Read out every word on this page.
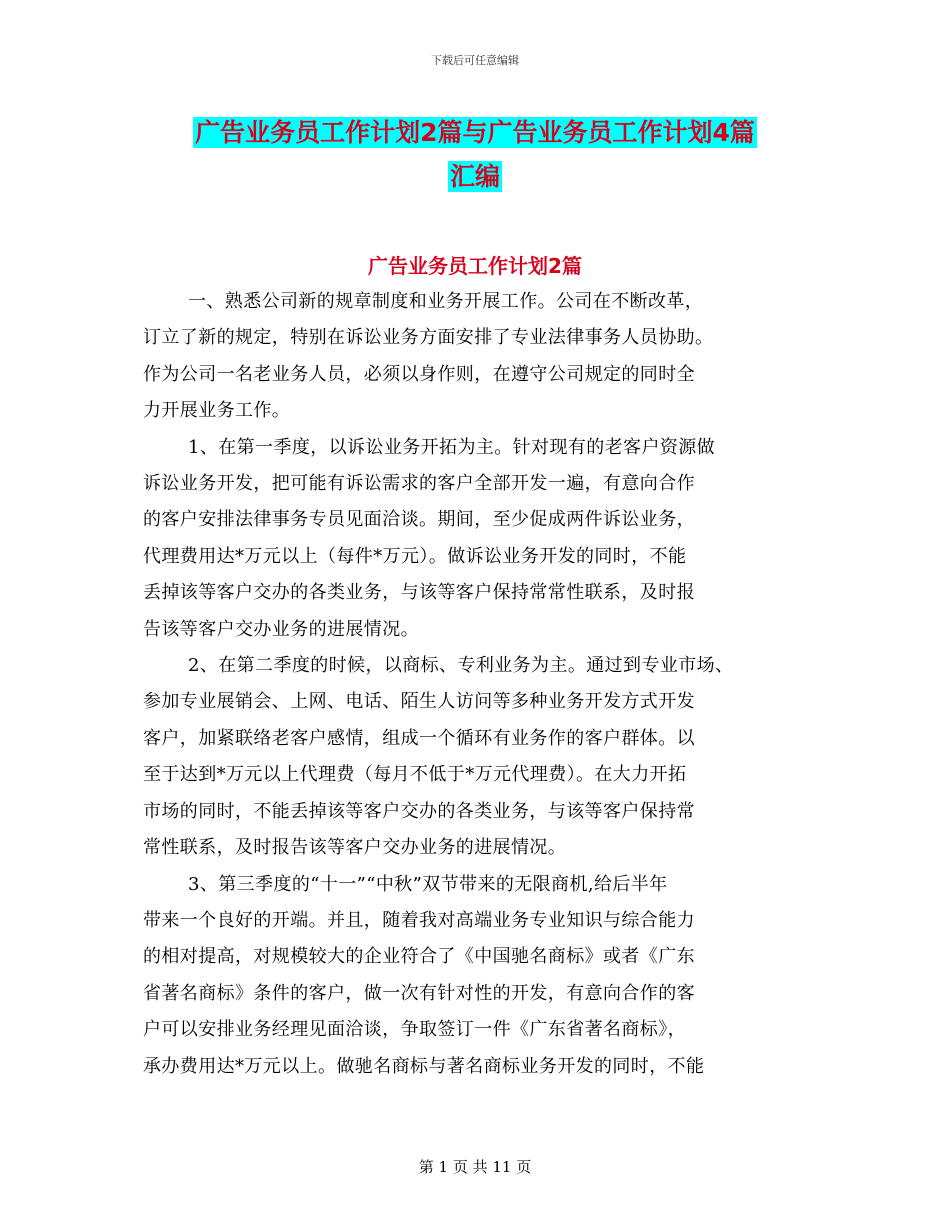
下载后可任意编辑
广告业务员工作计划2篇与广告业务员工作计划4篇
汇编
广告业务员工作计划2篇
一、熟悉公司新的规章制度和业务开展工作。公司在不断改革，
订立了新的规定，特别在诉讼业务方面安排了专业法律事务人员协助。
作为公司一名老业务人员，必须以身作则，在遵守公司规定的同时全
力开展业务工作。
1、在第一季度，以诉讼业务开拓为主。针对现有的老客户资源做
诉讼业务开发，把可能有诉讼需求的客户全部开发一遍，有意向合作
的客户安排法律事务专员见面洽谈。期间，至少促成两件诉讼业务，
代理费用达*万元以上（每件*万元）。做诉讼业务开发的同时，不能
丢掉该等客户交办的各类业务，与该等客户保持常常性联系，及时报
告该等客户交办业务的进展情况。
2、在第二季度的时候，以商标、专利业务为主。通过到专业市场、
参加专业展销会、上网、电话、陌生人访问等多种业务开发方式开发
客户，加紧联络老客户感情，组成一个循环有业务作的客户群体。以
至于达到*万元以上代理费（每月不低于*万元代理费）。在大力开拓
市场的同时，不能丢掉该等客户交办的各类业务，与该等客户保持常
常性联系，及时报告该等客户交办业务的进展情况。
3、第三季度的“十一”“中秋”双节带来的无限商机,给后半年
带来一个良好的开端。并且，随着我对高端业务专业知识与综合能力
的相对提高，对规模较大的企业符合了《中国驰名商标》或者《广东
省著名商标》条件的客户，做一次有针对性的开发，有意向合作的客
户可以安排业务经理见面洽谈，争取签订一件《广东省著名商标》，
承办费用达*万元以上。做驰名商标与著名商标业务开发的同时，不能
第 1 页 共 11 页
